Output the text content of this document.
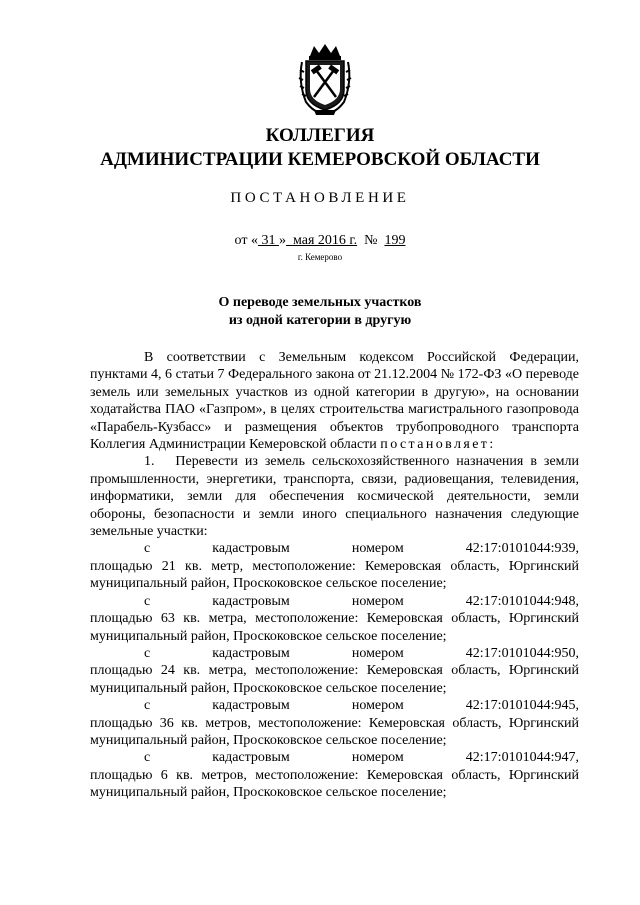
КОЛЛЕГИЯ
АДМИНИСТРАЦИИ КЕМЕРОВСКОЙ ОБЛАСТИ
ПОСТАНОВЛЕНИЕ
от « 31 »  мая 2016 г.  №  199
г. Кемерово
О переводе земельных участков
из одной категории в другую

В соответствии с Земельным кодексом Российской Федерации, пунктами 4, 6 статьи 7 Федерального закона от 21.12.2004 № 172-ФЗ «О переводе земель или земельных участков из одной категории в другую», на основании ходатайства ПАО «Газпром», в целях строительства магистрального газопровода «Парабель-Кузбасс» и размещения объектов трубопроводного транспорта Коллегия Администрации Кемеровской области постановляет:

1.   Перевести из земель сельскохозяйственного назначения в земли промышленности, энергетики, транспорта, связи, радиовещания, телевидения, информатики, земли для обеспечения космической деятельности, земли обороны, безопасности и земли иного специального назначения следующие земельные участки:

с	кадастровым	номером	42:17:0101044:939,

площадью 21 кв. метр, местоположение: Кемеровская область, Юргинский муниципальный район, Проскоковское сельское поселение;

с	кадастровым	номером	42:17:0101044:948,

площадью 63 кв. метра, местоположение: Кемеровская область, Юргинский муниципальный район, Проскоковское сельское поселение;

с	кадастровым	номером	42:17:0101044:950,

площадью 24 кв. метра, местоположение: Кемеровская область, Юргинский муниципальный район, Проскоковское сельское поселение;

с	кадастровым	номером	42:17:0101044:945,

площадью 36 кв. метров, местоположение: Кемеровская область, Юргинский муниципальный район, Проскоковское сельское поселение;

с	кадастровым	номером	42:17:0101044:947,

площадью 6 кв. метров, местоположение: Кемеровская область, Юргинский муниципальный район, Проскоковское сельское поселение;
